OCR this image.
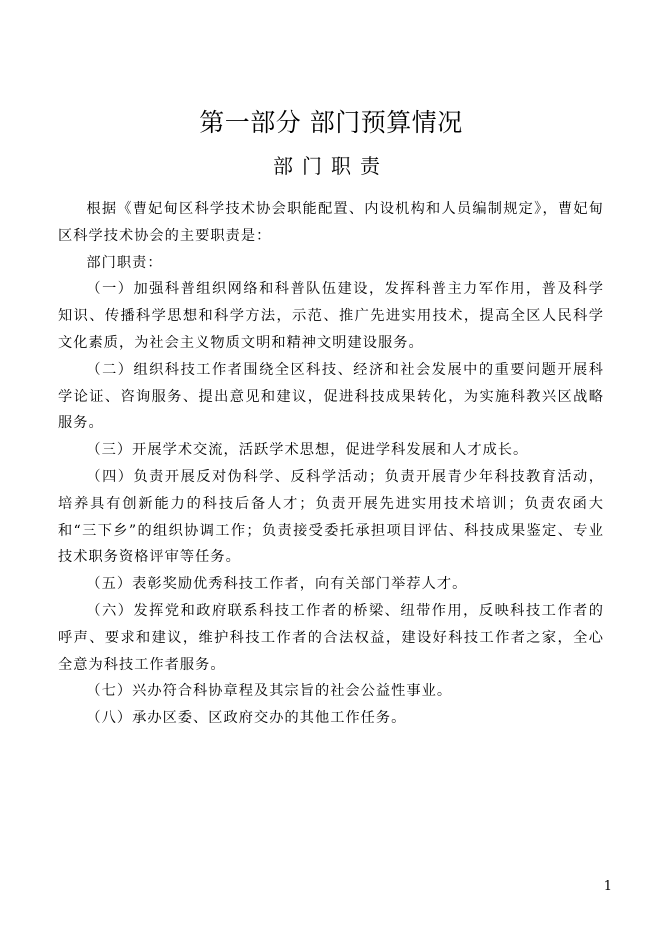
第一部分 部门预算情况
部门职责

根据《曹妃甸区科学技术协会职能配置、内设机构和人员编制规定》，曹妃甸区科学技术协会的主要职责是：

部门职责：

（一）加强科普组织网络和科普队伍建设，发挥科普主力军作用，普及科学知识、传播科学思想和科学方法，示范、推广先进实用技术，提高全区人民科学文化素质，为社会主义物质文明和精神文明建设服务。

（二）组织科技工作者围绕全区科技、经济和社会发展中的重要问题开展科学论证、咨询服务、提出意见和建议，促进科技成果转化，为实施科教兴区战略服务。

（三）开展学术交流，活跃学术思想，促进学科发展和人才成长。

（四）负责开展反对伪科学、反科学活动；负责开展青少年科技教育活动，培养具有创新能力的科技后备人才；负责开展先进实用技术培训；负责农函大和“三下乡”的组织协调工作；负责接受委托承担项目评估、科技成果鉴定、专业技术职务资格评审等任务。

（五）表彰奖励优秀科技工作者，向有关部门举荐人才。

（六）发挥党和政府联系科技工作者的桥梁、纽带作用，反映科技工作者的呼声、要求和建议，维护科技工作者的合法权益，建设好科技工作者之家，全心全意为科技工作者服务。

（七）兴办符合科协章程及其宗旨的社会公益性事业。

（八）承办区委、区政府交办的其他工作任务。

1
